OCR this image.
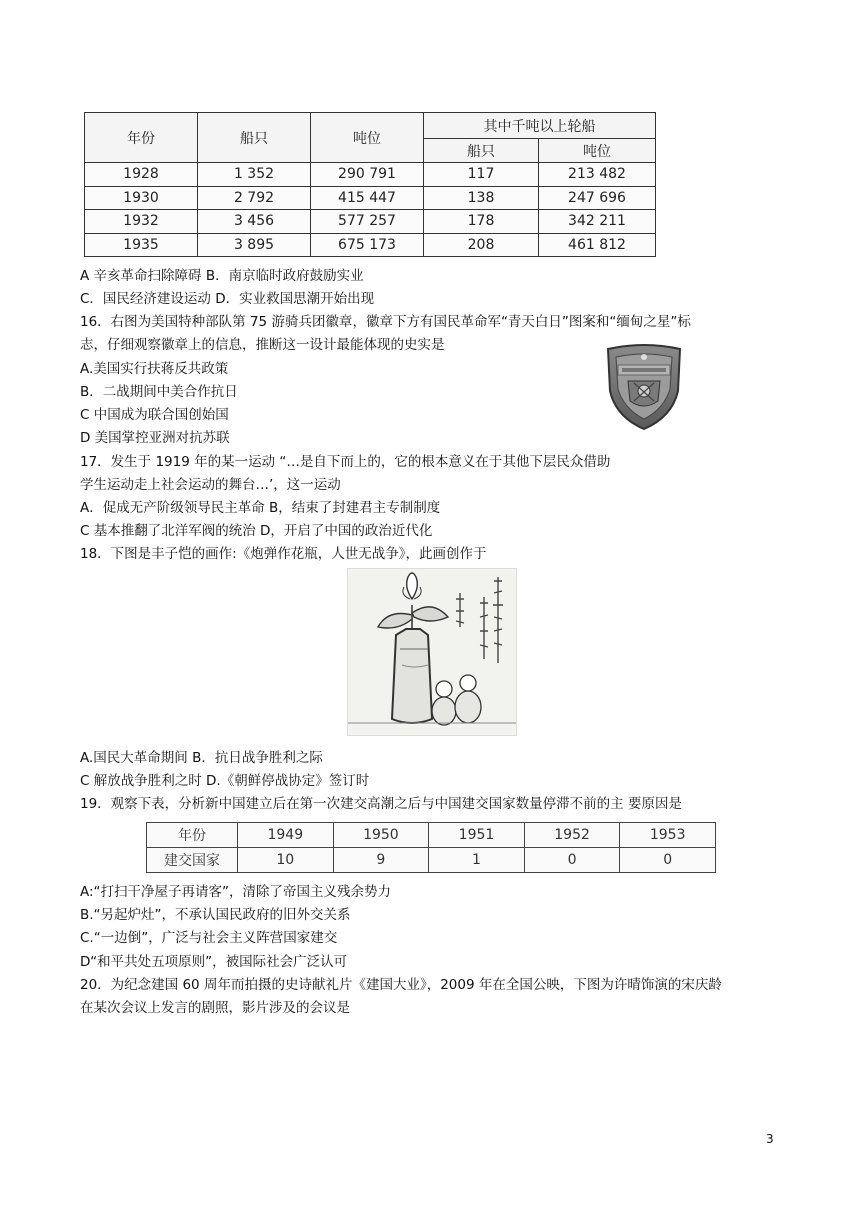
年份	船只	吨位	其中千吨以上轮船	
			船只	吨位
1928	1 352	290 791	117	213 482
1930	2 792	415 447	138	247 696
1932	3 456	577 257	178	342 211
1935	3 895	675 173	208	461 812
A 辛亥革命扫除障碍 B．南京临时政府鼓励实业
C．国民经济建设运动 D．实业救国思潮开始出现
16．右图为美国特种部队第 75 游骑兵团徽章，徽章下方有国民革命军“青天白日”图案和“缅甸之星”标
志，仔细观察徽章上的信息，推断这一设计最能体现的史实是
A.美国实行扶蒋反共政策
B．二战期间中美合作抗日
C 中国成为联合国创始国
D 美国掌控亚洲对抗苏联
17．发生于 1919 年的某一运动 “…是自下而上的，它的根本意义在于其他下层民众借助
学生运动走上社会运动的舞台…’，这一运动
A．促成无产阶级领导民主革命 B，结束了封建君主专制制度
C 基本推翻了北洋军阀的统治 D，开启了中国的政治近代化
18．下图是丰子恺的画作:《炮弹作花瓶，人世无战争》，此画创作于
A.国民大革命期间 B．抗日战争胜利之际
C 解放战争胜利之时 D.《朝鲜停战协定》签订时
19．观察下表，分析新中国建立后在第一次建交高潮之后与中国建交国家数量停滞不前的主 要原因是
年份	1949	1950	1951	1952	1953
建交国家	10	9	1	0	0
A:“打扫干净屋子再请客”，清除了帝国主义残余势力
B.“另起炉灶”，不承认国民政府的旧外交关系
C.“一边倒”，广泛与社会主义阵营国家建交
D“和平共处五项原则”，被国际社会广泛认可
20．为纪念建国 60 周年而拍摄的史诗献礼片《建国大业》，2009 年在全国公映，下图为许晴饰演的宋庆龄
在某次会议上发言的剧照，影片涉及的会议是
3
